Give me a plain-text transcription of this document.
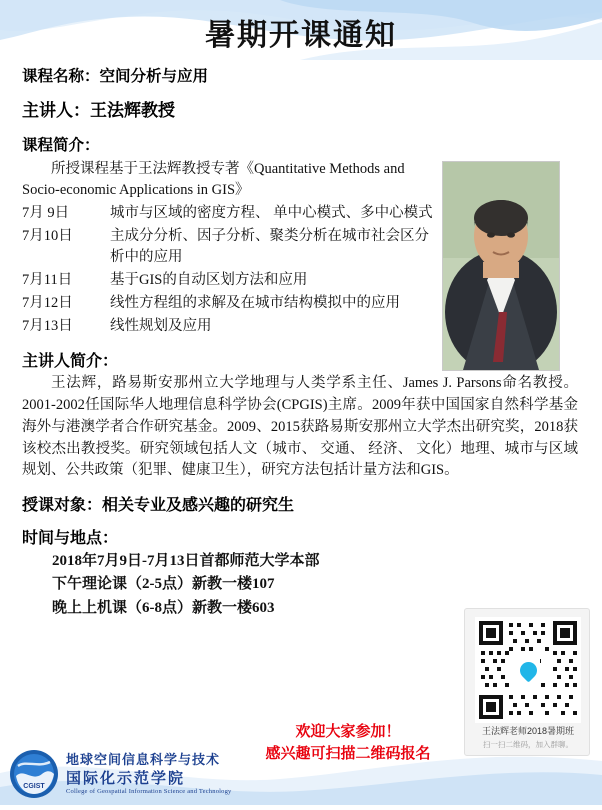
暑期开课通知
课程名称：空间分析与应用
主讲人：王法辉教授
课程简介：
所授课程基于王法辉教授专著《Quantitative Methods and Socio-economic Applications in GIS》
7月 9日	城市与区域的密度方程、 单中心模式、多中心模式
7月10日	主成分分析、因子分析、聚类分析在城市社会区分析中的应用
7月11日	基于GIS的自动区划方法和应用
7月12日	线性方程组的求解及在城市结构模拟中的应用
7月13日	线性规划及应用
主讲人简介：
王法辉，路易斯安那州立大学地理与人类学系主任、James J. Parsons命名教授。2001-2002任国际华人地理信息科学协会(CPGIS)主席。2009年获中国国家自然科学基金海外与港澳学者合作研究基金。2009、2015获路易斯安那州立大学杰出研究奖，2018获该校杰出教授奖。研究领域包括人文（城市、 交通、 经济、 文化）地理、城市与区域规划、公共政策（犯罪、健康卫生），研究方法包括计量方法和GIS。
授课对象：相关专业及感兴趣的研究生
时间与地点：
2018年7月9日-7月13日首都师范大学本部
下午理论课（2-5点）新教一楼107
晚上上机课（6-8点）新教一楼603
欢迎大家参加！
感兴趣可扫描二维码报名
王法辉老师2018暑期班
扫一扫二维码，加入群聊。
CGIST
地球空间信息科学与技术
国际化示范学院
College of Geospatial Information Science and Technology
